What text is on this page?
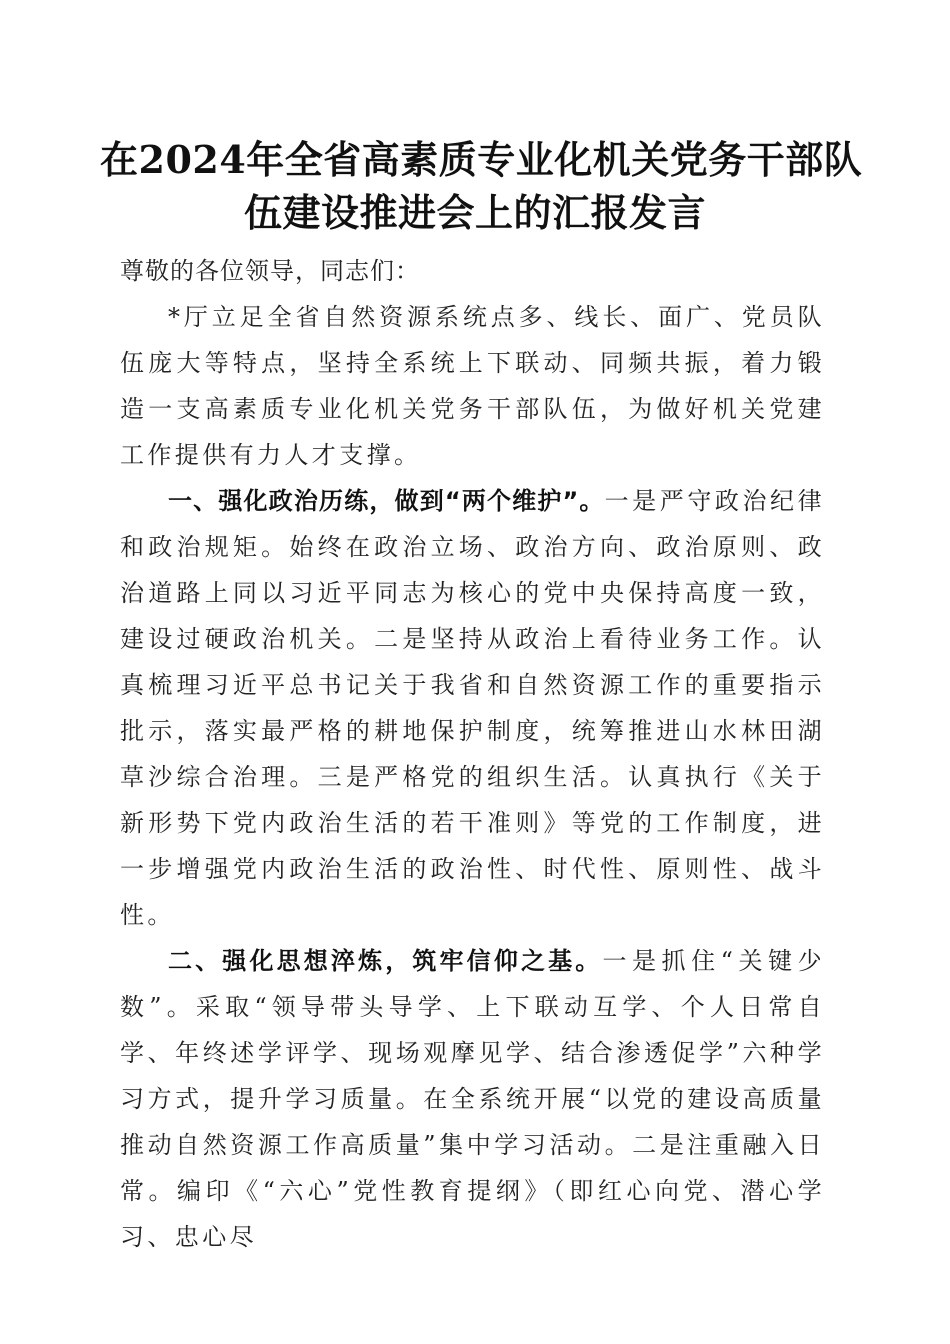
在2024年全省高素质专业化机关党务干部队
伍建设推进会上的汇报发言

尊敬的各位领导，同志们：

*厅立足全省自然资源系统点多、线长、面广、党员队伍庞大等特点，坚持全系统上下联动、同频共振，着力锻造一支高素质专业化机关党务干部队伍，为做好机关党建工作提供有力人才支撑。

一、强化政治历练，做到“两个维护”。一是严守政治纪律和政治规矩。始终在政治立场、政治方向、政治原则、政治道路上同以习近平同志为核心的党中央保持高度一致，建设过硬政治机关。二是坚持从政治上看待业务工作。认真梳理习近平总书记关于我省和自然资源工作的重要指示批示，落实最严格的耕地保护制度，统筹推进山水林田湖草沙综合治理。三是严格党的组织生活。认真执行《关于新形势下党内政治生活的若干准则》等党的工作制度，进一步增强党内政治生活的政治性、时代性、原则性、战斗性。

二、强化思想淬炼，筑牢信仰之基。一是抓住“关键少数”。采取“领导带头导学、上下联动互学、个人日常自学、年终述学评学、现场观摩见学、结合渗透促学”六种学习方式，提升学习质量。在全系统开展“以党的建设高质量推动自然资源工作高质量”集中学习活动。二是注重融入日常。编印《“六心”党性教育提纲》（即红心向党、潜心学习、忠心尽
